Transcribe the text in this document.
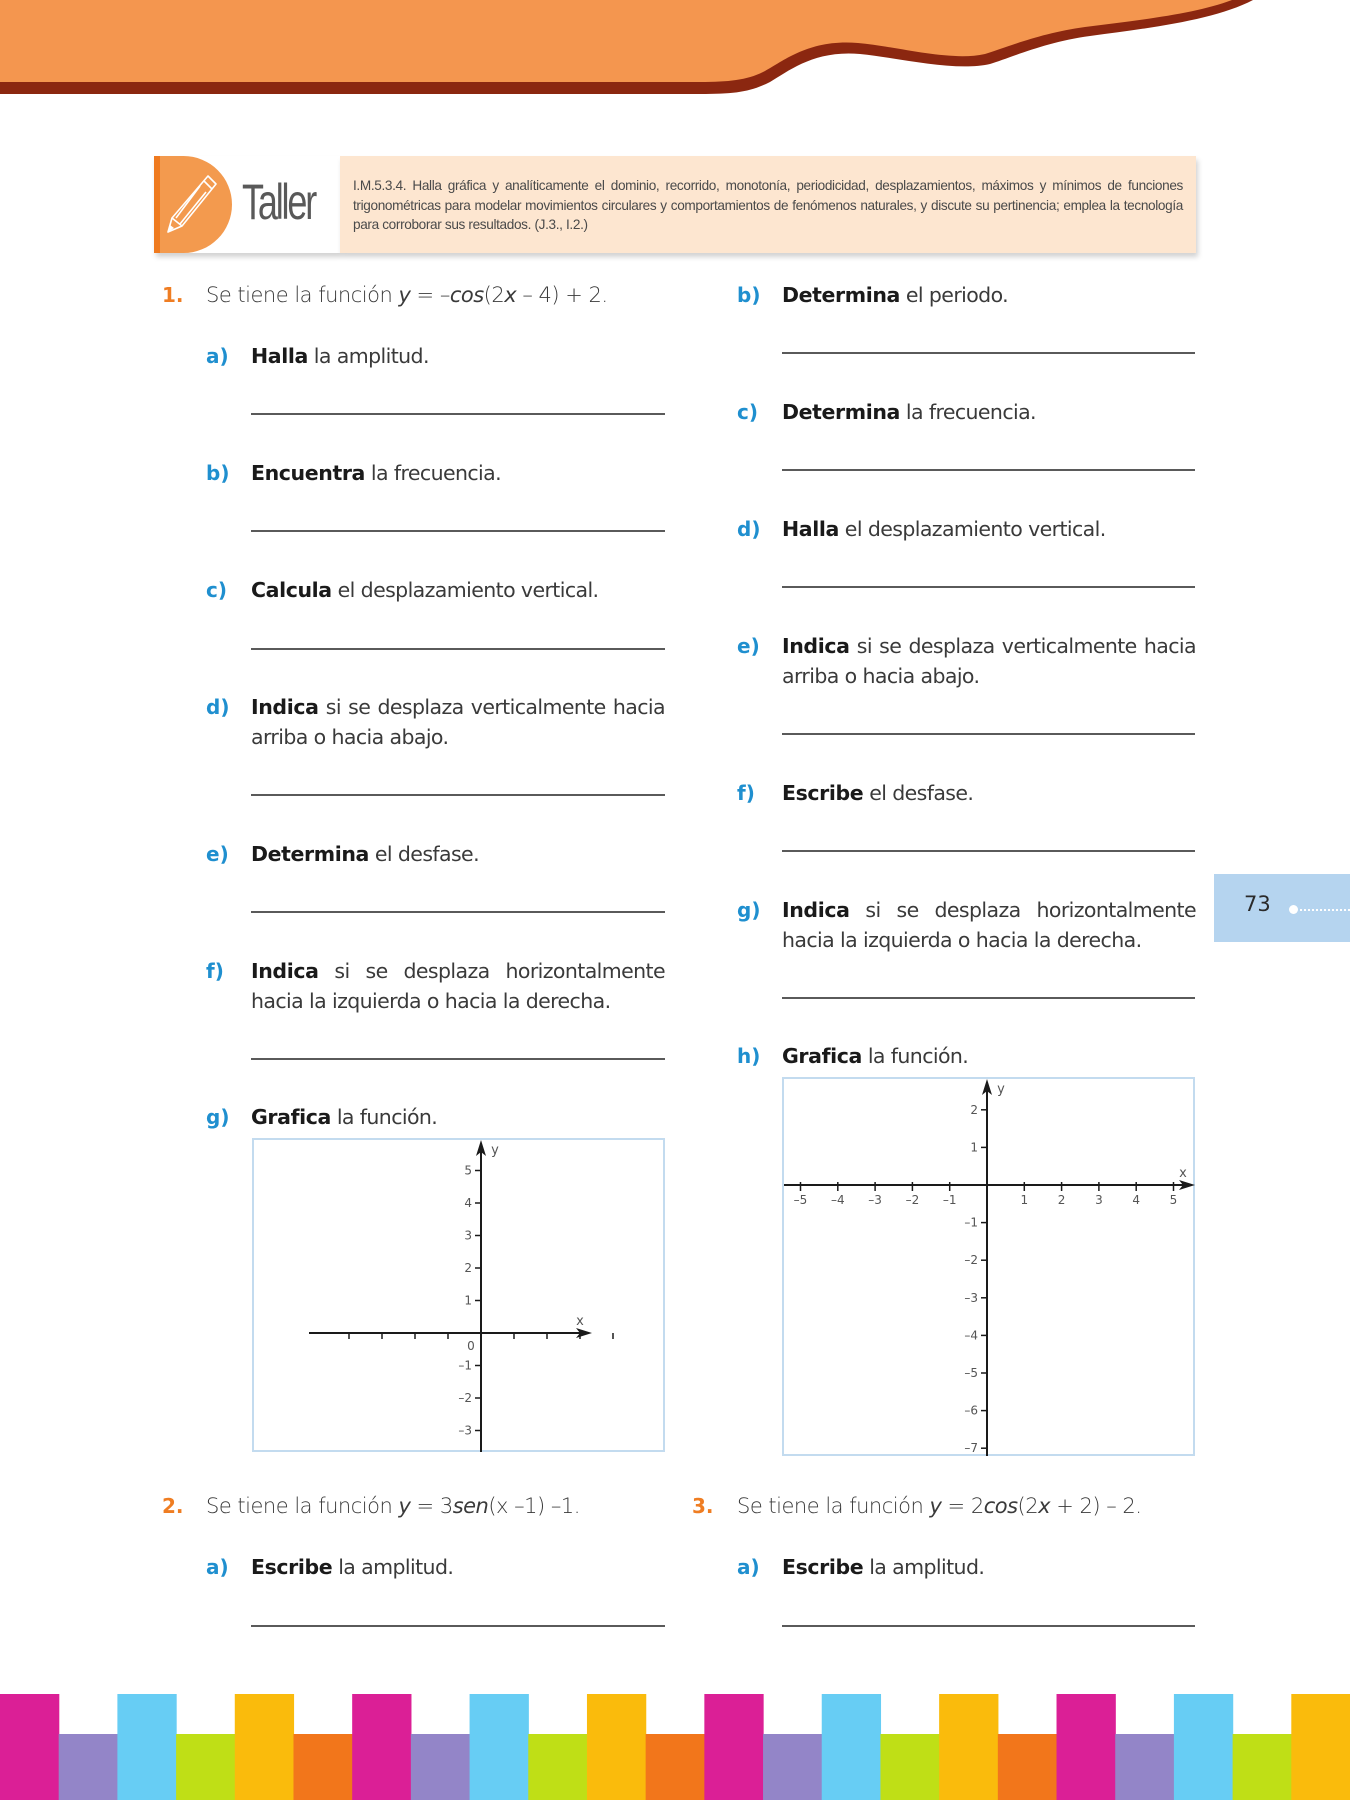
Taller	I.M.5.3.4. Halla gráfica y analíticamente el dominio, recorrido, monotonía, periodicidad, desplazamientos, máximos y mínimos de funciones trigonométricas para modelar movimientos circulares y comportamientos de fenómenos naturales, y discute su pertinencia; emplea la tecnología para corroborar sus resultados. (J.3., I.2.)

1. Se tiene la función y = –cos(2x – 4) + 2.
a) Halla la amplitud.
b) Encuentra la frecuencia.
c) Calcula el desplazamiento vertical.
d) Indica si se desplaza verticalmente hacia arriba o hacia abajo.
e) Determina el desfase.
f) Indica si se desplaza horizontalmente hacia la izquierda o hacia la derecha.
g) Grafica la función.
x
y
5
4
3
2
1
–1
–2
–3
0
b) Determina el periodo.
c) Determina la frecuencia.
d) Halla el desplazamiento vertical.
e) Indica si se desplaza verticalmente hacia arriba o hacia abajo.
f) Escribe el desfase.
g) Indica si se desplaza horizontalmente hacia la izquierda o hacia la derecha.
h) Grafica la función.
x
y
–5 –4 –3 –2 –1	1 2 3 4 5
2
1
–1
–2
–3
–4
–5
–6
–7
73
2. Se tiene la función y = 3sen(x –1) –1.
a) Escribe la amplitud.
3. Se tiene la función y = 2cos(2x + 2) – 2.
a) Escribe la amplitud.
